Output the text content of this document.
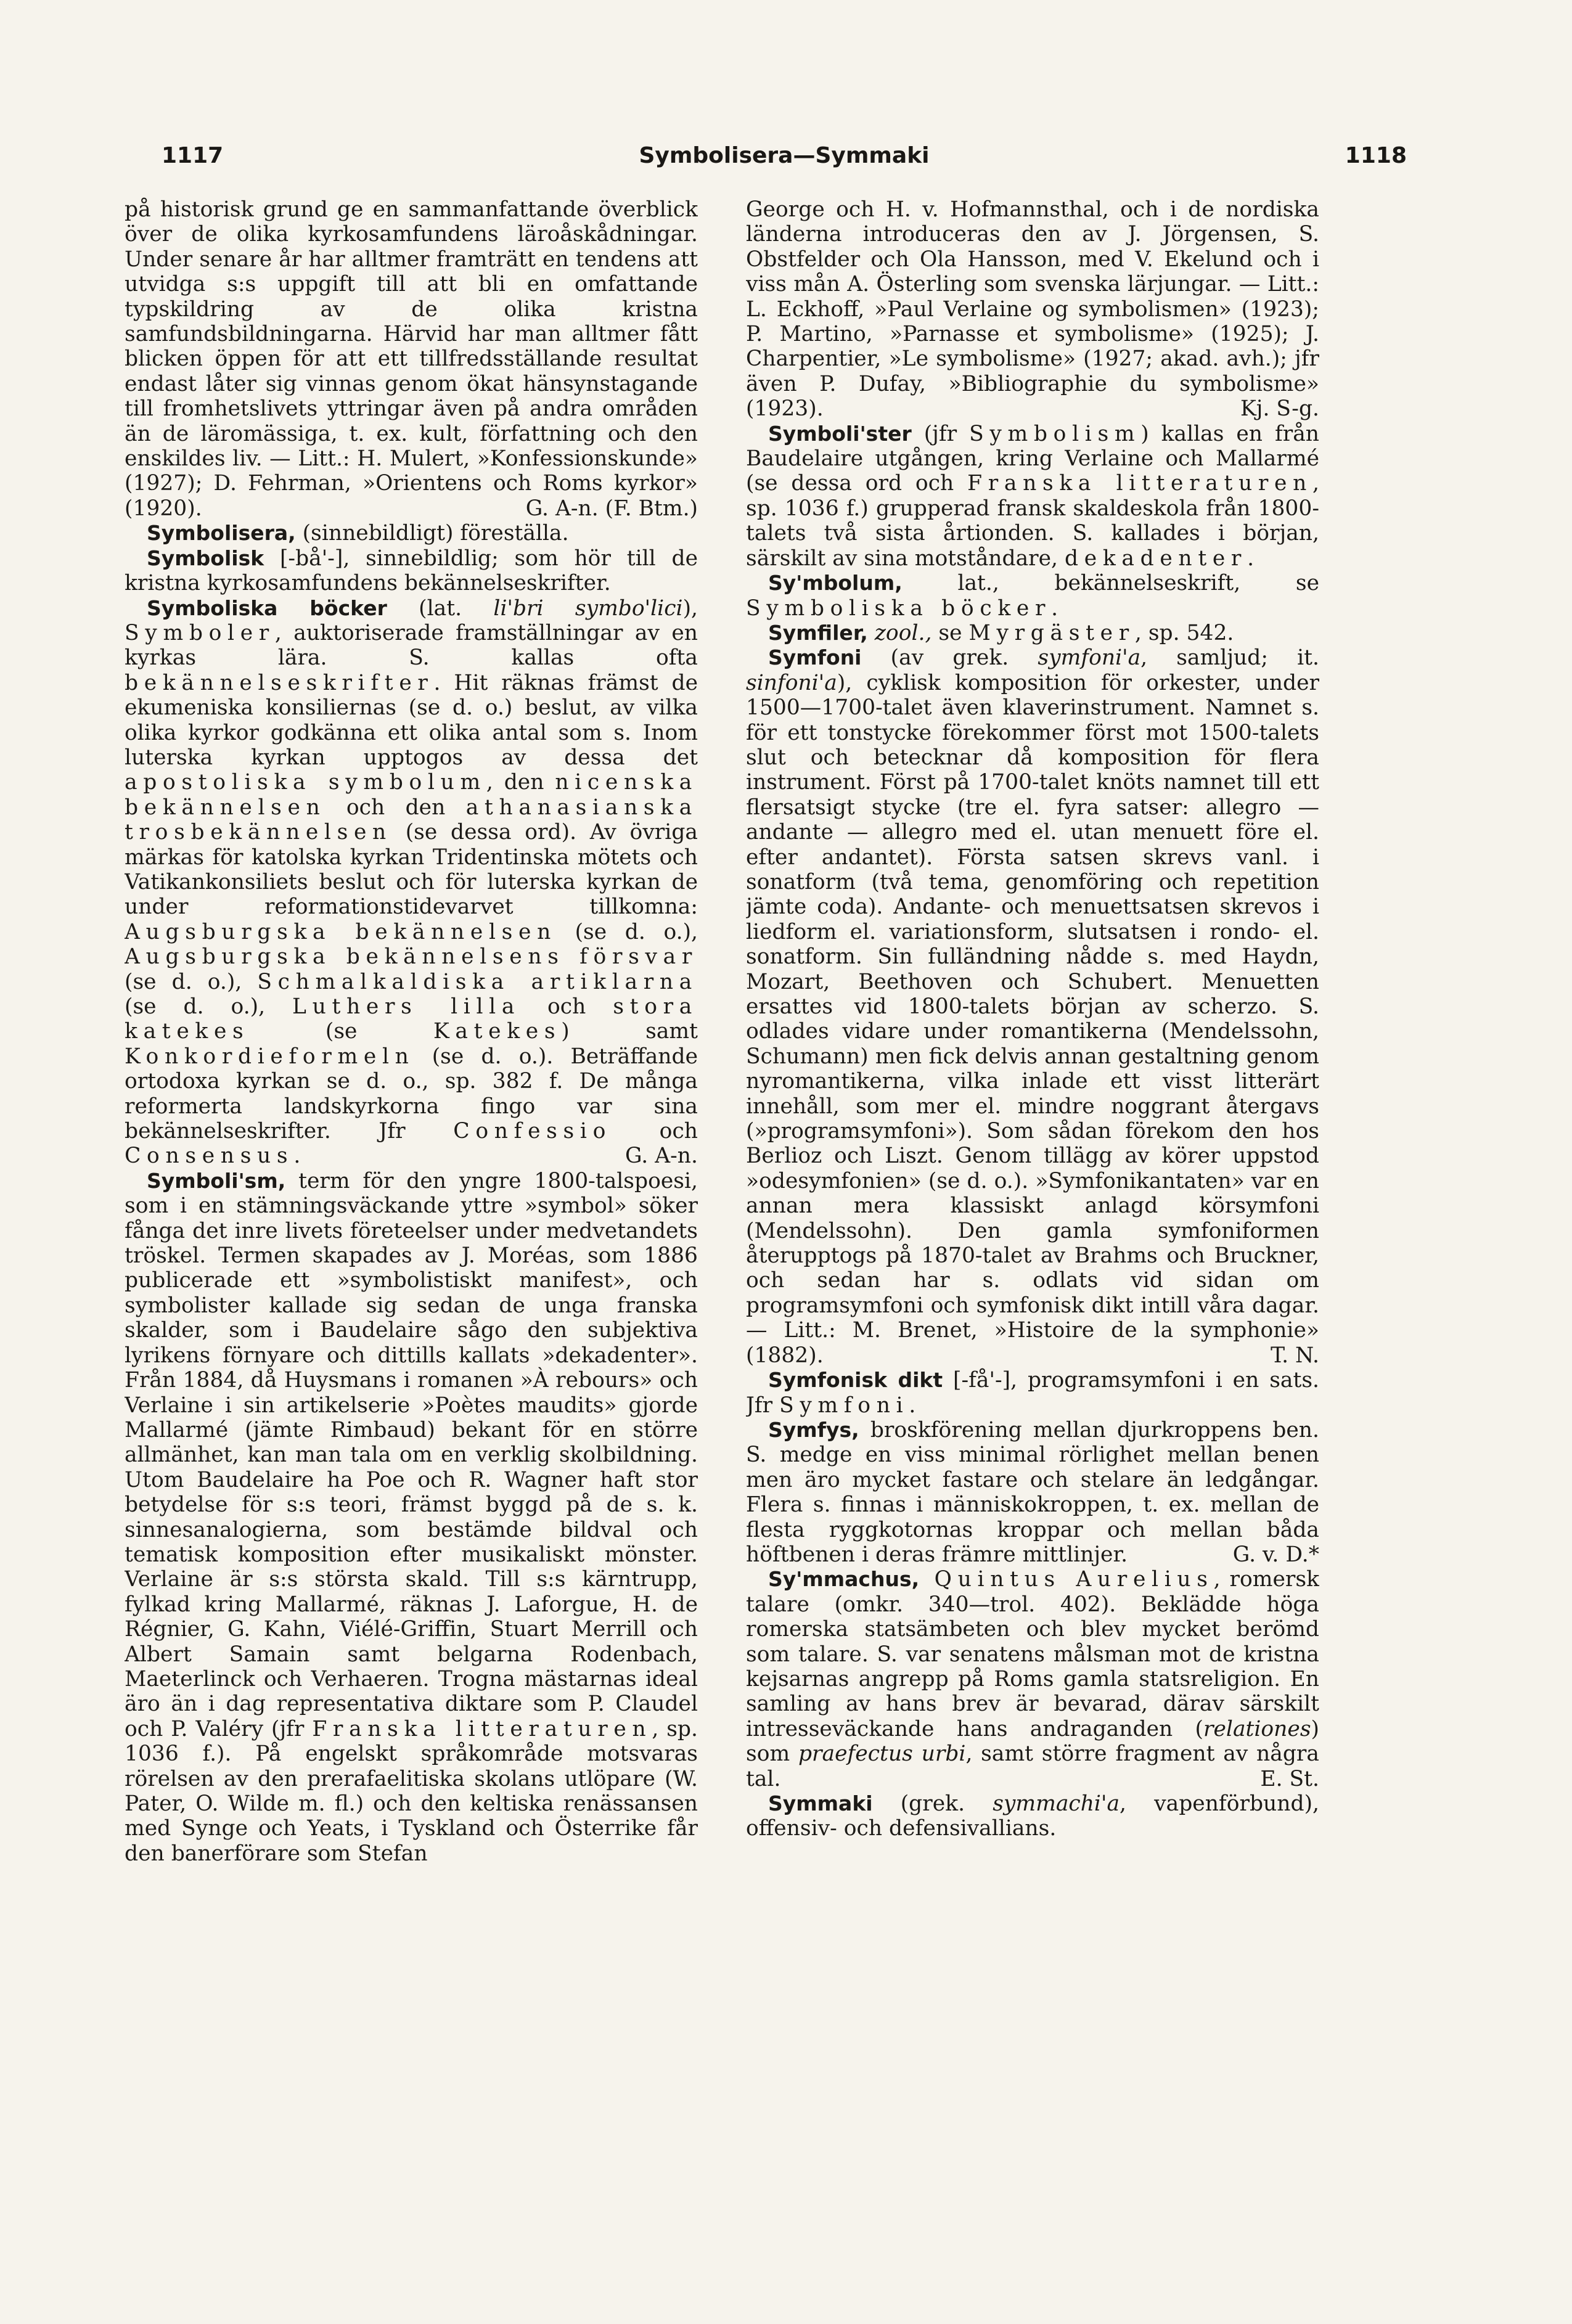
1117	Symbolisera—Symmaki	1118

på historisk grund ge en sammanfattande överblick över de olika kyrkosamfundens läroåskådningar. Under senare år har alltmer framträtt en tendens att utvidga s:s uppgift till att bli en omfattande typskildring av de olika kristna samfundsbildningarna. Härvid har man alltmer fått blicken öppen för att ett tillfredsställande resultat endast låter sig vinnas genom ökat hänsynstagande till fromhetslivets yttringar även på andra områden än de läromässiga, t. ex. kult, författning och den enskildes liv. — Litt.: H. Mulert, »Konfessionskunde» (1927); D. Fehrman, »Orientens och Roms kyrkor» (1920).	G. A-n. (F. Btm.)

Symbolisera, (sinnebildligt) föreställa.

Symbolisk [-bå'-], sinnebildlig; som hör till de kristna kyrkosamfundens bekännelseskrifter.

Symboliska böcker (lat. li'bri symbo'lici), Symboler, auktoriserade framställningar av en kyrkas lära. S. kallas ofta bekännelseskrifter. Hit räknas främst de ekumeniska konsiliernas (se d. o.) beslut, av vilka olika kyrkor godkänna ett olika antal som s. Inom luterska kyrkan upptogos av dessa det apostoliska symbolum, den nicenska bekännelsen och den athanasianska trosbekännelsen (se dessa ord). Av övriga märkas för katolska kyrkan Tridentinska mötets och Vatikankonsiliets beslut och för luterska kyrkan de under reformationstidevarvet tillkomna: Augsburgska bekännelsen (se d. o.), Augsburgska bekännelsens försvar (se d. o.), Schmalkaldiska artiklarna (se d. o.), Luthers lilla och stora katekes (se Katekes) samt Konkordieformeln (se d. o.). Beträffande ortodoxa kyrkan se d. o., sp. 382 f. De många reformerta landskyrkorna fingo var sina bekännelseskrifter. Jfr Confessio och Consensus.	G. A-n.

Symboli'sm, term för den yngre 1800-talspoesi, som i en stämningsväckande yttre »symbol» söker fånga det inre livets företeelser under medvetandets tröskel. Termen skapades av J. Moréas, som 1886 publicerade ett »symbolistiskt manifest», och symbolister kallade sig sedan de unga franska skalder, som i Baudelaire sågo den subjektiva lyrikens förnyare och dittills kallats »dekadenter». Från 1884, då Huysmans i romanen »À rebours» och Verlaine i sin artikelserie »Poètes maudits» gjorde Mallarmé (jämte Rimbaud) bekant för en större allmänhet, kan man tala om en verklig skolbildning. Utom Baudelaire ha Poe och R. Wagner haft stor betydelse för s:s teori, främst byggd på de s. k. sinnesanalogierna, som bestämde bildval och tematisk komposition efter musikaliskt mönster. Verlaine är s:s största skald. Till s:s kärntrupp, fylkad kring Mallarmé, räknas J. Laforgue, H. de Régnier, G. Kahn, Viélé-Griffin, Stuart Merrill och Albert Samain samt belgarna Rodenbach, Maeterlinck och Verhaeren. Trogna mästarnas ideal äro än i dag representativa diktare som P. Claudel och P. Valéry (jfr Franska litteraturen, sp. 1036 f.). På engelskt språkområde motsvaras rörelsen av den prerafaelitiska skolans utlöpare (W. Pater, O. Wilde m. fl.) och den keltiska renässansen med Synge och Yeats, i Tyskland och Österrike får den banerförare som Stefan

George och H. v. Hofmannsthal, och i de nordiska länderna introduceras den av J. Jörgensen, S. Obstfelder och Ola Hansson, med V. Ekelund och i viss mån A. Österling som svenska lärjungar. — Litt.: L. Eckhoff, »Paul Verlaine og symbolismen» (1923); P. Martino, »Parnasse et symbolisme» (1925); J. Charpentier, »Le symbolisme» (1927; akad. avh.); jfr även P. Dufay, »Bibliographie du symbolisme» (1923).	Kj. S-g.

Symboli'ster (jfr Symbolism) kallas en från Baudelaire utgången, kring Verlaine och Mallarmé (se dessa ord och Franska litteraturen, sp. 1036 f.) grupperad fransk skaldeskola från 1800-talets två sista årtionden. S. kallades i början, särskilt av sina motståndare, dekadenter.

Sy'mbolum, lat., bekännelseskrift, se Symboliska böcker.

Symfiler, zool., se Myrgäster, sp. 542.

Symfoni (av grek. symfoni'a, samljud; it. sinfoni'a), cyklisk komposition för orkester, under 1500—1700-talet även klaverinstrument. Namnet s. för ett tonstycke förekommer först mot 1500-talets slut och betecknar då komposition för flera instrument. Först på 1700-talet knöts namnet till ett flersatsigt stycke (tre el. fyra satser: allegro — andante — allegro med el. utan menuett före el. efter andantet). Första satsen skrevs vanl. i sonatform (två tema, genomföring och repetition jämte coda). Andante- och menuettsatsen skrevos i liedform el. variationsform, slutsatsen i rondo- el. sonatform. Sin fulländning nådde s. med Haydn, Mozart, Beethoven och Schubert. Menuetten ersattes vid 1800-talets början av scherzo. S. odlades vidare under romantikerna (Mendelssohn, Schumann) men fick delvis annan gestaltning genom nyromantikerna, vilka inlade ett visst litterärt innehåll, som mer el. mindre noggrant återgavs (»programsymfoni»). Som sådan förekom den hos Berlioz och Liszt. Genom tillägg av körer uppstod »odesymfonien» (se d. o.). »Symfonikantaten» var en annan mera klassiskt anlagd körsymfoni (Mendelssohn). Den gamla symfoniformen återupptogs på 1870-talet av Brahms och Bruckner, och sedan har s. odlats vid sidan om programsymfoni och symfonisk dikt intill våra dagar. — Litt.: M. Brenet, »Histoire de la symphonie» (1882).	T. N.

Symfonisk dikt [-få'-], programsymfoni i en sats. Jfr Symfoni.

Symfys, broskförening mellan djurkroppens ben. S. medge en viss minimal rörlighet mellan benen men äro mycket fastare och stelare än ledgångar. Flera s. finnas i människokroppen, t. ex. mellan de flesta ryggkotornas kroppar och mellan båda höftbenen i deras främre mittlinjer.	G. v. D.*

Sy'mmachus, Quintus Aurelius, romersk talare (omkr. 340—trol. 402). Beklädde höga romerska statsämbeten och blev mycket berömd som talare. S. var senatens målsman mot de kristna kejsarnas angrepp på Roms gamla statsreligion. En samling av hans brev är bevarad, därav särskilt intresseväckande hans andraganden (relationes) som praefectus urbi, samt större fragment av några tal.	E. St.

Symmaki (grek. symmachi'a, vapenförbund), offensiv- och defensivallians.
